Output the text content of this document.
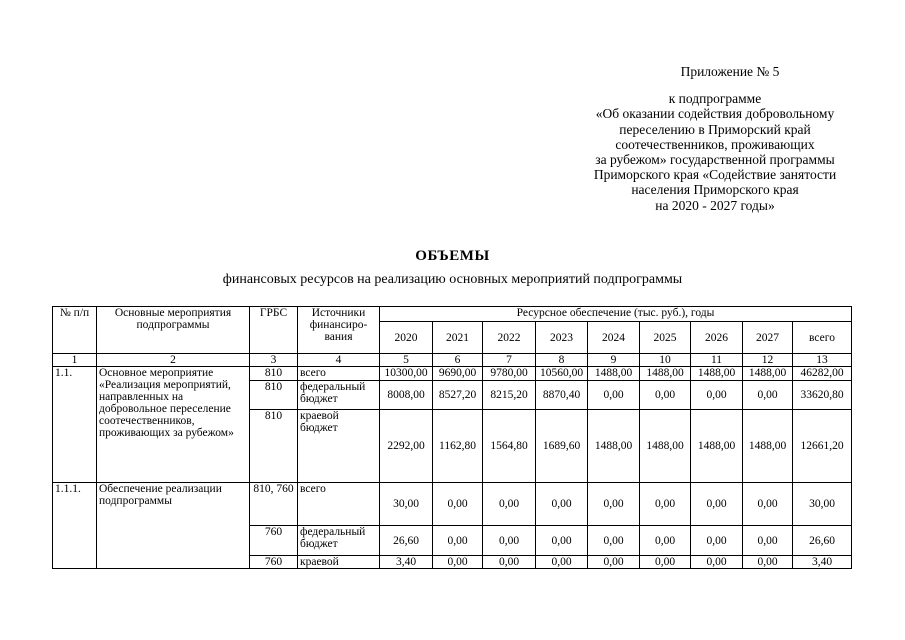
Приложение № 5
к подпрограмме
«Об оказании содействия добровольному
переселению в Приморский край
соотечественников, проживающих
за рубежом» государственной программы
Приморского края «Содействие занятости
населения Приморского края
на 2020 - 2027 годы»
ОБЪЕМЫ
финансовых ресурсов на реализацию основных мероприятий подпрограммы
№ п/п	Основные мероприятия подпрограммы	ГРБС	Источники финансиро-вания	Ресурсное обеспечение (тыс. руб.), годы								
				2020	2021	2022	2023	2024	2025	2026	2027	всего
1	2	3	4	5	6	7	8	9	10	11	12	13
1.1.	Основное мероприятие «Реализация мероприятий, направленных на добровольное переселение соотечественников, проживающих за рубежом»	810	всего	10300,00	9690,00	9780,00	10560,00	1488,00	1488,00	1488,00	1488,00	46282,00
		810	федеральный бюджет	8008,00	8527,20	8215,20	8870,40	0,00	0,00	0,00	0,00	33620,80
		810	краевой бюджет	2292,00	1162,80	1564,80	1689,60	1488,00	1488,00	1488,00	1488,00	12661,20
1.1.1.	Обеспечение реализации подпрограммы	810, 760	всего	30,00	0,00	0,00	0,00	0,00	0,00	0,00	0,00	30,00
		760	федеральный бюджет	26,60	0,00	0,00	0,00	0,00	0,00	0,00	0,00	26,60
		760	краевой	3,40	0,00	0,00	0,00	0,00	0,00	0,00	0,00	3,40
